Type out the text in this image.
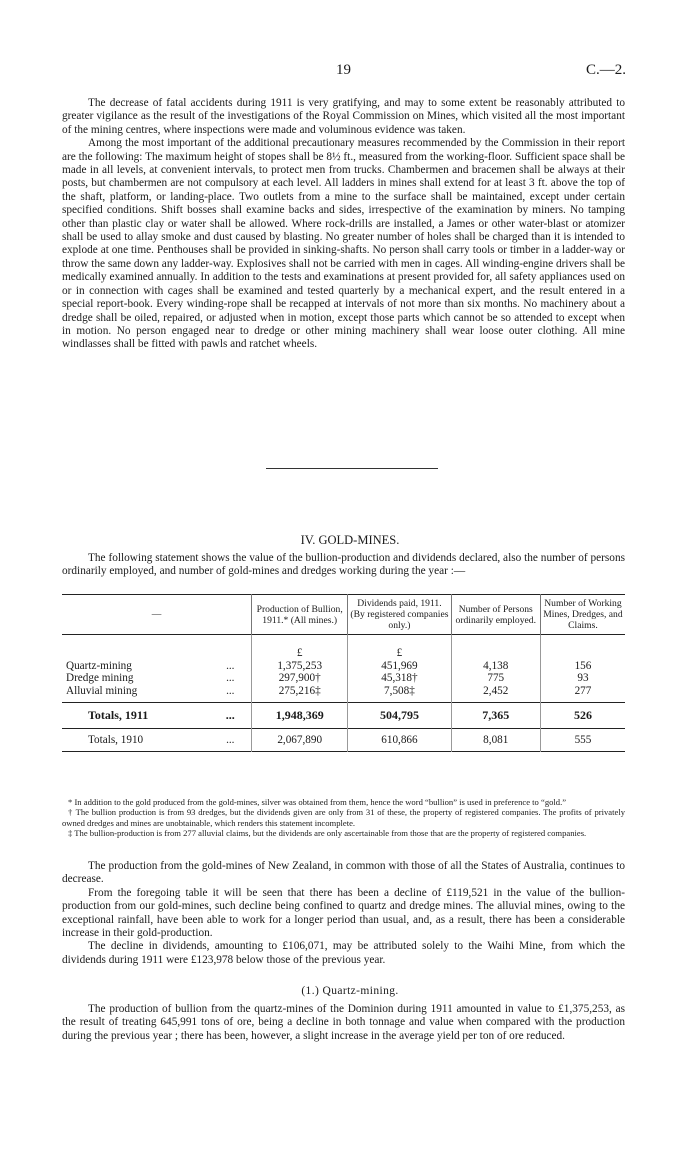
19	C.—2.

The decrease of fatal accidents during 1911 is very gratifying, and may to some extent be reasonably attributed to greater vigilance as the result of the investigations of the Royal Commission on Mines, which visited all the most important of the mining centres, where inspections were made and voluminous evidence was taken.

Among the most important of the additional precautionary measures recommended by the Commission in their report are the following: The maximum height of stopes shall be 8½ ft., measured from the working-floor. Sufficient space shall be made in all levels, at convenient intervals, to protect men from trucks. Chambermen and bracemen shall be always at their posts, but chambermen are not compulsory at each level. All ladders in mines shall extend for at least 3 ft. above the top of the shaft, platform, or landing-place. Two outlets from a mine to the surface shall be maintained, except under certain specified conditions. Shift bosses shall examine backs and sides, irrespective of the examination by miners. No tamping other than plastic clay or water shall be allowed. Where rock-drills are installed, a James or other water-blast or atomizer shall be used to allay smoke and dust caused by blasting. No greater number of holes shall be charged than it is intended to explode at one time. Penthouses shall be provided in sinking-shafts. No person shall carry tools or timber in a ladder-way or throw the same down any ladder-way. Explosives shall not be carried with men in cages. All winding-engine drivers shall be medically examined annually. In addition to the tests and examinations at present provided for, all safety appliances used on or in connection with cages shall be examined and tested quarterly by a mechanical expert, and the result entered in a special report-book. Every winding-rope shall be recapped at intervals of not more than six months. No machinery about a dredge shall be oiled, repaired, or adjusted when in motion, except those parts which cannot be so attended to except when in motion. No person engaged near to dredge or other mining machinery shall wear loose outer clothing. All mine windlasses shall be fitted with pawls and ratchet wheels.

IV. GOLD-MINES.

The following statement shows the value of the bullion-production and dividends declared, also the number of persons ordinarily employed, and number of gold-mines and dredges working during the year :—

—		Production of Bullion, 1911.* (All mines.)	Dividends paid, 1911. (By registered companies only.)	Number of Persons ordinarily employed.	Number of Working Mines, Dredges, and Claims.
		£	£		
Quartz-mining	...	1,375,253	451,969	4,138	156
Dredge mining	...	297,900†	45,318†	775	93
Alluvial mining	...	275,216‡	7,508‡	2,452	277
Totals, 1911	...	1,948,369	504,795	7,365	526
Totals, 1910	...	2,067,890	610,866	8,081	555

* In addition to the gold produced from the gold-mines, silver was obtained from them, hence the word “bullion” is used in preference to “gold.”

† The bullion production is from 93 dredges, but the dividends given are only from 31 of these, the property of registered companies. The profits of privately owned dredges and mines are unobtainable, which renders this statement incomplete.

‡ The bullion-production is from 277 alluvial claims, but the dividends are only ascertainable from those that are the property of registered companies.

The production from the gold-mines of New Zealand, in common with those of all the States of Australia, continues to decrease.

From the foregoing table it will be seen that there has been a decline of £119,521 in the value of the bullion-production from our gold-mines, such decline being confined to quartz and dredge mines. The alluvial mines, owing to the exceptional rainfall, have been able to work for a longer period than usual, and, as a result, there has been a considerable increase in their gold-production.

The decline in dividends, amounting to £106,071, may be attributed solely to the Waihi Mine, from which the dividends during 1911 were £123,978 below those of the previous year.

(1.) Quartz-mining.

The production of bullion from the quartz-mines of the Dominion during 1911 amounted in value to £1,375,253, as the result of treating 645,991 tons of ore, being a decline in both tonnage and value when compared with the production during the previous year ; there has been, however, a slight increase in the average yield per ton of ore reduced.
